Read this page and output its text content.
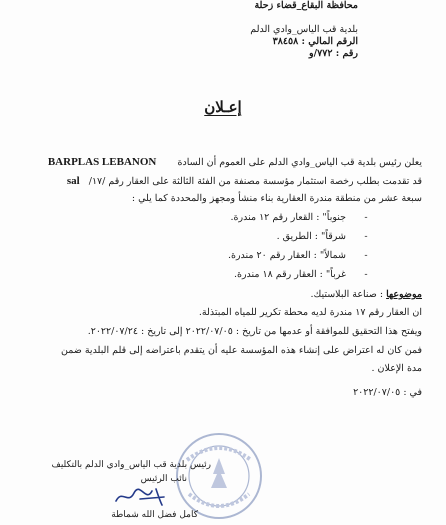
محافظة البقاع_قضاء زحلة
بلدية قب الياس_وادي الدلم
الرقم المالي : ٣٨٤٥٨
رقم : ٧٧٢/و
إعـلان
يعلن رئيس بلدية قب الياس_وادي الدلم على العموم أن السادة       BARPLAS LEBANON
قد تقدمت بطلب رخصة استثمار مؤسسة مصنفة من الفئة الثالثة على العقار رقم /١٧/   sal
سبعة عشر من منطقة مندرة العقارية بناء منشأ ومجهز والمحددة كما يلي :
-جنوباً" : القعار رقم ١٢ مندرة.
-شرقاً" : الطريق .
-شمالاً" : العقار رقم ٢٠ مندرة.
-غرباً" : العقار رقم ١٨ مندرة.
موضوعها : صناعة البلاستيك.
ان العقار رقم ١٧ مندرة لديه محطة تكرير للمياه المبتذلة.
ويفتح هذا التحقيق للموافقة أو عدمها من تاريخ : ٢٠٢٢/٠٧/٠٥ إلى تاريخ : ٢٠٢٢/٠٧/٢٤.
فمن كان له اعتراض على إنشاء هذه المؤسسة عليه أن يتقدم باعتراضه إلى قلم البلدية ضمن
مدة الإعلان .
في : ٢٠٢٢/٠٧/٠٥
رئيس بلدية قب الياس_وادي الدلم بالتكليف
نائب الرئيس
كامل فضل الله شماطة
